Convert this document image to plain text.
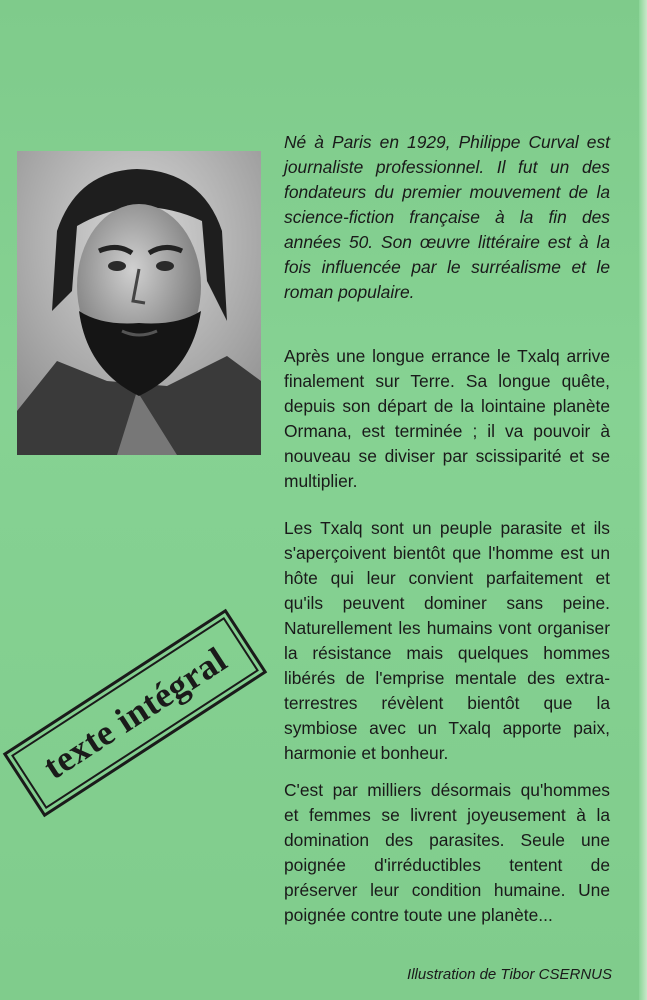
Né à Paris en 1929, Philippe Curval est journaliste professionnel. Il fut un des fondateurs du premier mouvement de la science-fiction française à la fin des années 50. Son œuvre littéraire est à la fois influencée par le surréalisme et le roman populaire.
Après une longue errance le Txalq arrive finalement sur Terre. Sa longue quête, depuis son départ de la lointaine planète Ormana, est terminée ; il va pouvoir à nouveau se diviser par scissiparité et se multiplier.
Les Txalq sont un peuple parasite et ils s'aperçoivent bientôt que l'homme est un hôte qui leur convient parfaitement et qu'ils peuvent dominer sans peine. Naturellement les humains vont organiser la résistance mais quelques hommes libérés de l'emprise mentale des extra-terrestres révèlent bientôt que la symbiose avec un Txalq apporte paix, harmonie et bonheur.
C'est par milliers désormais qu'hommes et femmes se livrent joyeusement à la domination des parasites. Seule une poignée d'irréductibles tentent de préserver leur condition humaine. Une poignée contre toute une planète...
texte intégral
Illustration de Tibor CSERNUS
